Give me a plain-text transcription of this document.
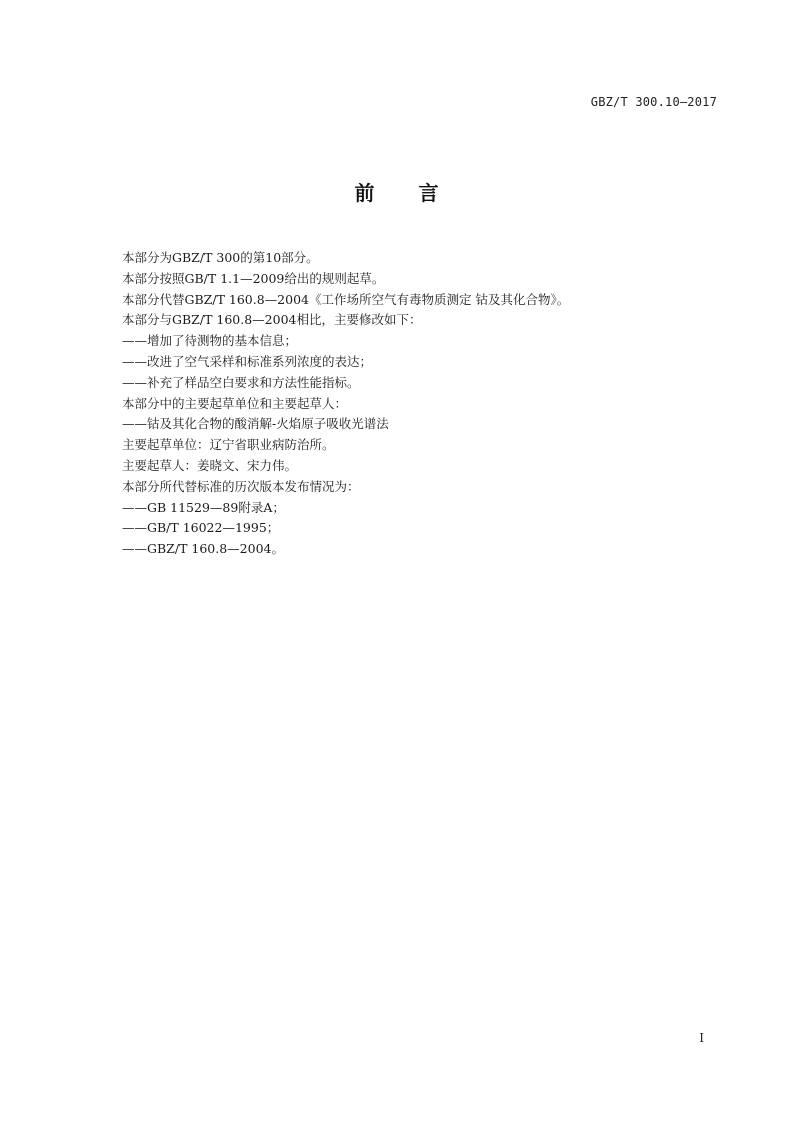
GBZ/T 300.10—2017
前言
本部分为GBZ/T 300的第10部分。
本部分按照GB/T 1.1—2009给出的规则起草。
本部分代替GBZ/T 160.8—2004《工作场所空气有毒物质测定 钴及其化合物》。
本部分与GBZ/T 160.8—2004相比，主要修改如下：
——增加了待测物的基本信息；
——改进了空气采样和标准系列浓度的表达；
——补充了样品空白要求和方法性能指标。
本部分中的主要起草单位和主要起草人：
——钴及其化合物的酸消解-火焰原子吸收光谱法
主要起草单位：辽宁省职业病防治所。
主要起草人：姜晓文、宋力伟。
本部分所代替标准的历次版本发布情况为：
——GB 11529—89附录A；
——GB/T 16022—1995；
——GBZ/T 160.8—2004。
I
